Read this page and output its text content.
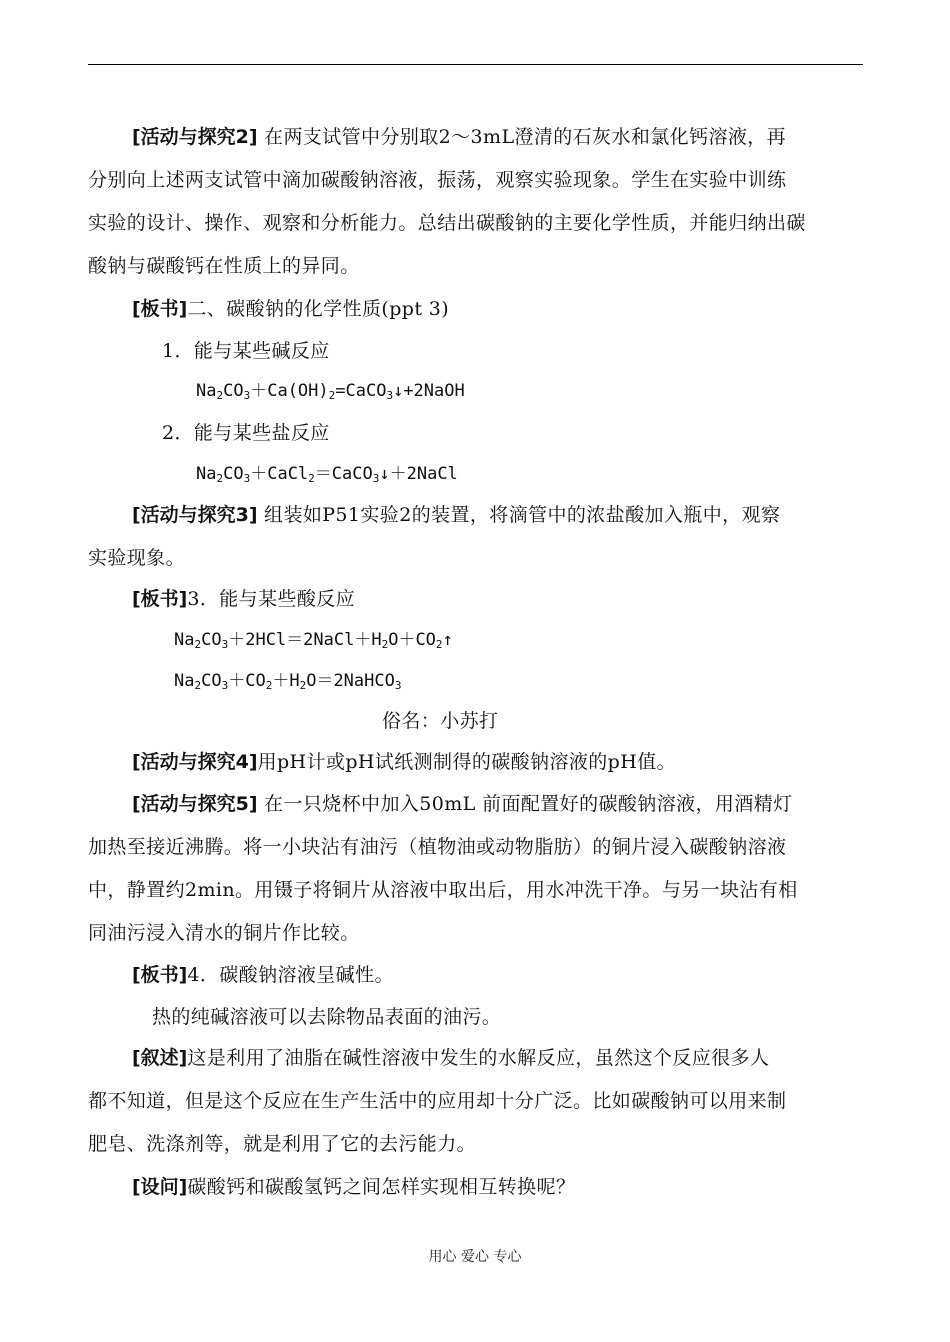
[活动与探究2] 在两支试管中分别取2～3mL澄清的石灰水和氯化钙溶液，再
分别向上述两支试管中滴加碳酸钠溶液，振荡，观察实验现象。学生在实验中训练
实验的设计、操作、观察和分析能力。总结出碳酸钠的主要化学性质，并能归纳出碳
酸钠与碳酸钙在性质上的异同。
[板书]二、碳酸钠的化学性质(ppt 3)
1．能与某些碱反应
$Na_2CO_3+Ca(OH)_2=CaCO_3↓+2NaOH$
2．能与某些盐反应
$Na_2CO_3+CaCl_2=CaCO_3↓+2NaCl$
[活动与探究3] 组装如P51实验2的装置，将滴管中的浓盐酸加入瓶中，观察
实验现象。
[板书]3．能与某些酸反应
$Na_2CO_3+2HCl=2NaCl+H_2O+CO_2↑$
$Na_2CO_3+CO_2+H_2O=2NaHCO_3$
俗名：小苏打
[活动与探究4]用pH计或pH试纸测制得的碳酸钠溶液的pH值。
[活动与探究5] 在一只烧杯中加入50mL 前面配置好的碳酸钠溶液，用酒精灯
加热至接近沸腾。将一小块沾有油污（植物油或动物脂肪）的铜片浸入碳酸钠溶液
中，静置约2min。用镊子将铜片从溶液中取出后，用水冲洗干净。与另一块沾有相
同油污浸入清水的铜片作比较。
[板书]4．碳酸钠溶液呈碱性。
热的纯碱溶液可以去除物品表面的油污。
[叙述]这是利用了油脂在碱性溶液中发生的水解反应，虽然这个反应很多人
都不知道，但是这个反应在生产生活中的应用却十分广泛。比如碳酸钠可以用来制
肥皂、洗涤剂等，就是利用了它的去污能力。
[设问]碳酸钙和碳酸氢钙之间怎样实现相互转换呢？
用心 爱心 专心
